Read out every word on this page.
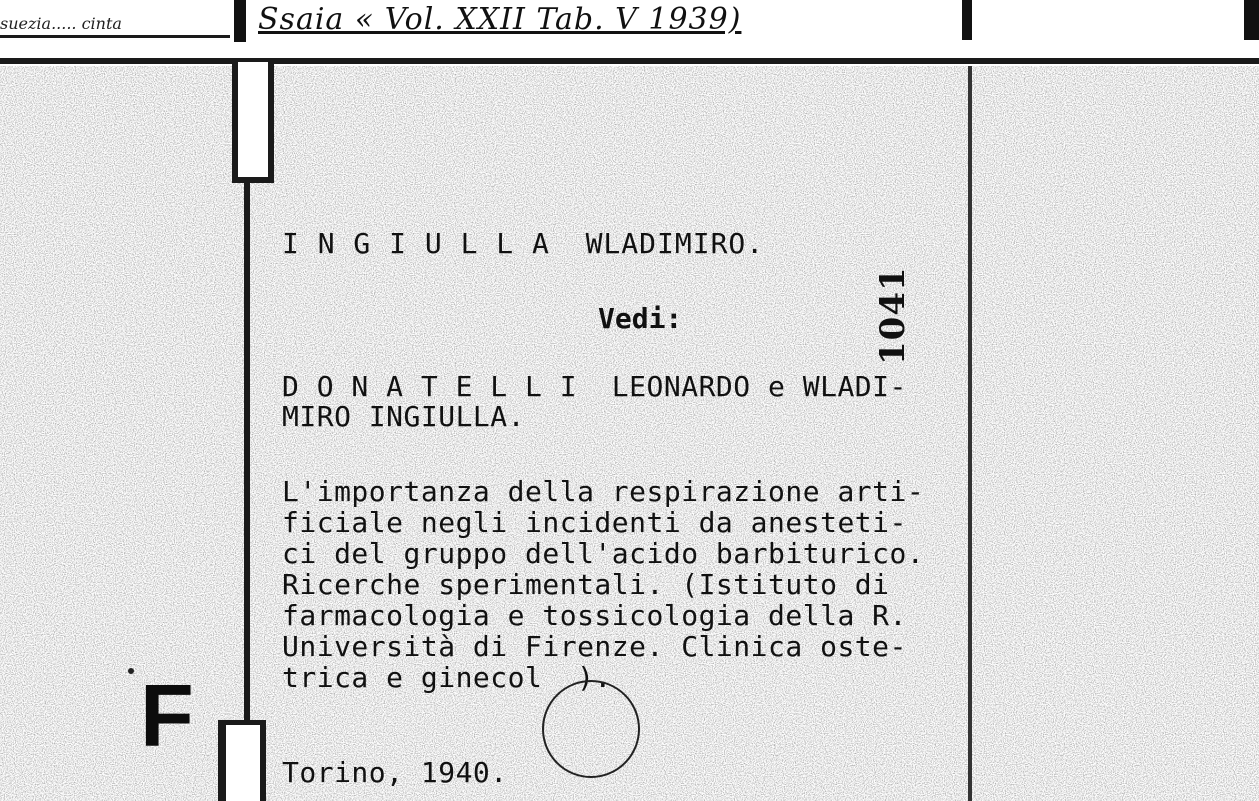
suezia..... cinta	Ssaia « Vol. XXII Tab. V 1939)
I N G I U L L A  WLADIMIRO.
Vedi:	1041
D O N A T E L L I  LEONARDO e WLADI-
MIRO INGIULLA.
L'importanza della respirazione arti-
ficiale negli incidenti da anesteti-
ci del gruppo dell'acido barbiturico.
Ricerche sperimentali. (Istituto di
farmacologia e tossicologia della R.
Università di Firenze. Clinica oste-
trica e ginecol  ).
Torino, 1940.
F
